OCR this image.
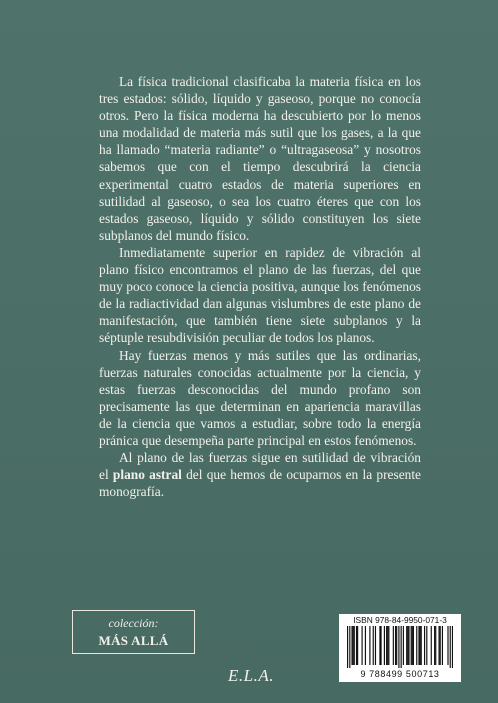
La física tradicional clasificaba la materia física en los tres estados: sólido, líquido y gaseoso, porque no conocía otros. Pero la física moderna ha descubierto por lo menos una modalidad de materia más sutil que los gases, a la que ha llamado “materia radiante” o “ultragaseosa” y nosotros sabemos que con el tiempo descubrirá la ciencia experimental cuatro estados de materia superiores en sutilidad al gaseoso, o sea los cuatro éteres que con los estados gaseoso, líquido y sólido constituyen los siete subplanos del mundo físico.

Inmediatamente superior en rapidez de vibración al plano físico encontramos el plano de las fuerzas, del que muy poco conoce la ciencia positiva, aunque los fenómenos de la radiactividad dan algunas vislumbres de este plano de manifestación, que también tiene siete subplanos y la séptuple resubdivisión peculiar de todos los planos.

Hay fuerzas menos y más sutiles que las ordinarias, fuerzas naturales conocidas actualmente por la ciencia, y estas fuerzas desconocidas del mundo profano son precisamente las que determinan en apariencia maravillas de la ciencia que vamos a estudiar, sobre todo la energía pránica que desempeña parte principal en estos fenómenos.

Al plano de las fuerzas sigue en sutilidad de vibración el plano astral del que hemos de ocuparnos en la presente monografía.

colección:
MÁS ALLÁ
E.L.A.
ISBN 978-84-9950-071-3
9 788499 500713
